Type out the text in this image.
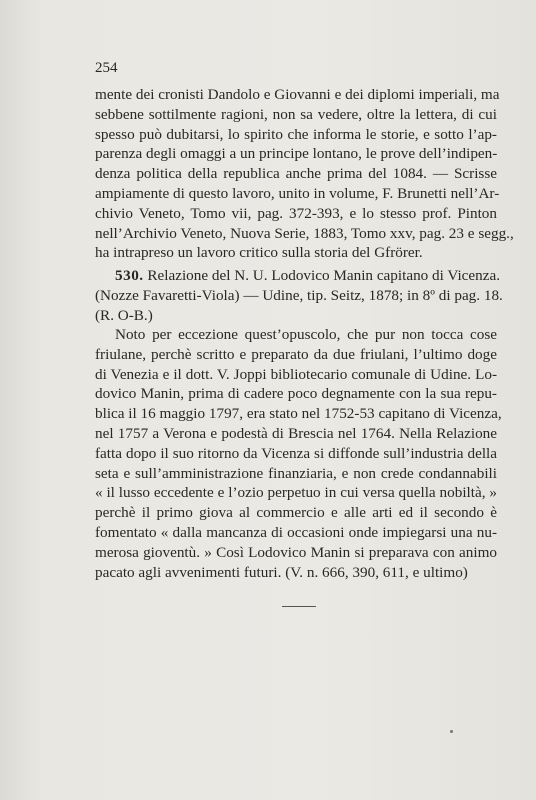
254
mente dei cronisti Dandolo e Giovanni e dei diplomi imperiali, ma
sebbene sottilmente ragioni, non sa vedere, oltre la lettera, di cui
spesso può dubitarsi, lo spirito che informa le storie, e sotto l’ap-
parenza degli omaggi a un principe lontano, le prove dell’indipen-
denza politica della republica anche prima del 1084. — Scrisse
ampiamente di questo lavoro, unito in volume, F. Brunetti nell’Ar-
chivio Veneto, Tomo vii, pag. 372-393, e lo stesso prof. Pinton
nell’Archivio Veneto, Nuova Serie, 1883, Tomo xxv, pag. 23 e segg.,
ha intrapreso un lavoro critico sulla storia del Gfrörer.
530. Relazione del N. U. Lodovico Manin capitano di Vicenza.
(Nozze Favaretti-Viola) — Udine, tip. Seitz, 1878; in 8º di pag. 18.
(R. O-B.)
Noto per eccezione quest’opuscolo, che pur non tocca cose
friulane, perchè scritto e preparato da due friulani, l’ultimo doge
di Venezia e il dott. V. Joppi bibliotecario comunale di Udine. Lo-
dovico Manin, prima di cadere poco degnamente con la sua repu-
blica il 16 maggio 1797, era stato nel 1752-53 capitano di Vicenza,
nel 1757 a Verona e podestà di Brescia nel 1764. Nella Relazione
fatta dopo il suo ritorno da Vicenza si diffonde sull’industria della
seta e sull’amministrazione finanziaria, e non crede condannabili
« il lusso eccedente e l’ozio perpetuo in cui versa quella nobiltà, »
perchè il primo giova al commercio e alle arti ed il secondo è
fomentato « dalla mancanza di occasioni onde impiegarsi una nu-
merosa gioventù. » Così Lodovico Manin si preparava con animo
pacato agli avvenimenti futuri. (V. n. 666, 390, 611, e ultimo)
